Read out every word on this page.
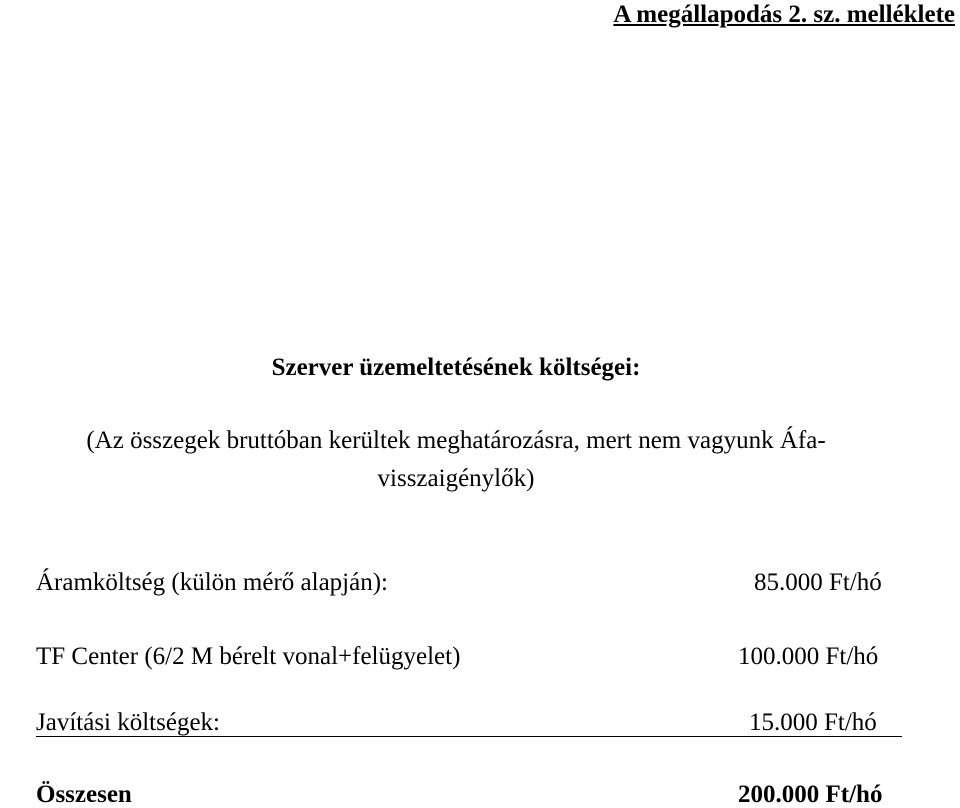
A megállapodás 2. sz. melléklete
Szerver üzemeltetésének költségei:
(Az összegek bruttóban kerültek meghatározásra, mert nem vagyunk Áfa-
visszaigénylők)
Áramköltség (külön mérő alapján):	85.000 Ft/hó
TF Center (6/2 M bérelt vonal+felügyelet)	100.000 Ft/hó
Javítási költségek:	15.000 Ft/hó
Összesen	200.000 Ft/hó
